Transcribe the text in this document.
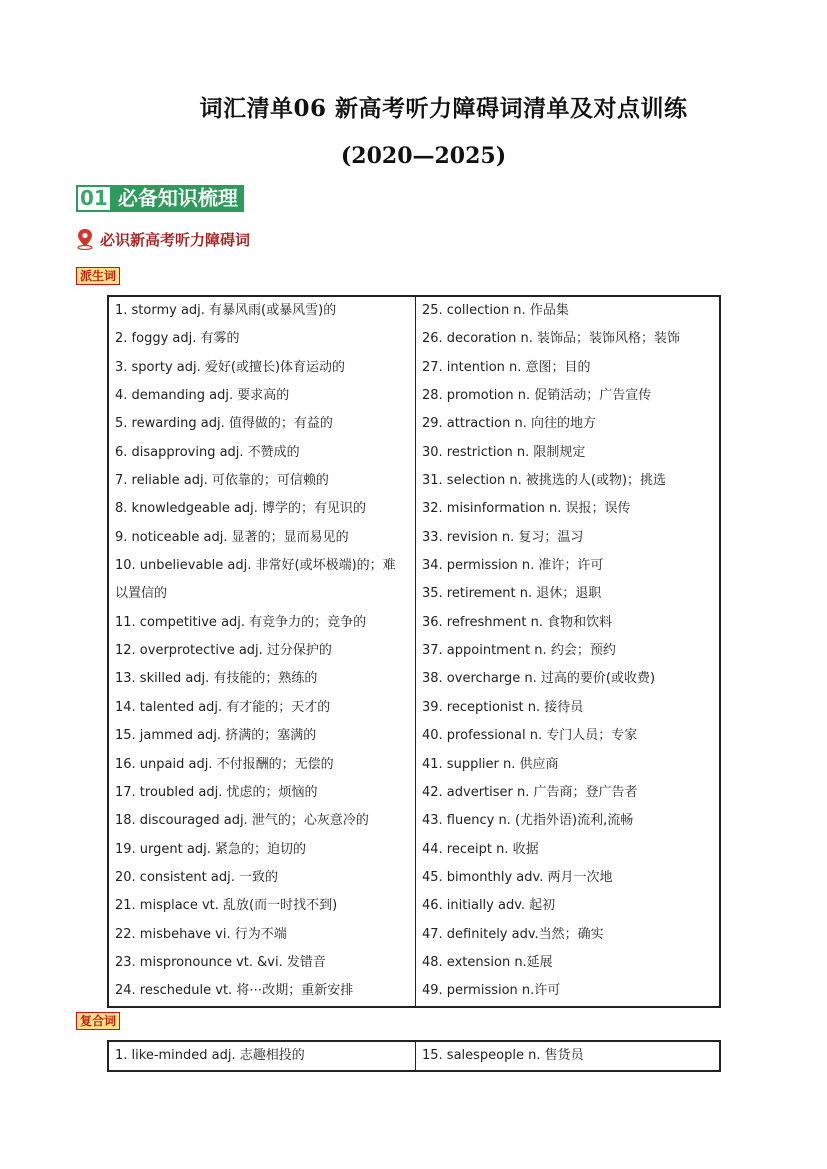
词汇清单06 新高考听力障碍词清单及对点训练
(2020—2025)
01 必备知识梳理
必识新高考听力障碍词
派生词
1. stormy adj. 有暴风雨(或暴风雪)的
2. foggy adj. 有雾的
3. sporty adj. 爱好(或擅长)体育运动的
4. demanding adj. 要求高的
5. rewarding adj. 值得做的；有益的
6. disapproving adj. 不赞成的
7. reliable adj. 可依靠的；可信赖的
8. knowledgeable adj. 博学的；有见识的
9. noticeable adj. 显著的；显而易见的
10. unbelievable adj. 非常好(或坏极端)的；难
以置信的
11. competitive adj. 有竞争力的；竞争的
12. overprotective adj. 过分保护的
13. skilled adj. 有技能的；熟练的
14. talented adj. 有才能的；天才的
15. jammed adj. 挤满的；塞满的
16. unpaid adj. 不付报酬的；无偿的
17. troubled adj. 忧虑的；烦恼的
18. discouraged adj. 泄气的；心灰意冷的
19. urgent adj. 紧急的；迫切的
20. consistent adj. 一致的
21. misplace vt. 乱放(而一时找不到)
22. misbehave vi. 行为不端
23. mispronounce vt. &vi. 发错音
24. reschedule vt. 将⋯改期；重新安排

25. collection n. 作品集
26. decoration n. 装饰品；装饰风格；装饰
27. intention n. 意图；目的
28. promotion n. 促销活动；广告宣传
29. attraction n. 向往的地方
30. restriction n. 限制规定
31. selection n. 被挑选的人(或物)；挑选
32. misinformation n. 误报；误传
33. revision n. 复习；温习
34. permission n. 准许；许可
35. retirement n. 退休；退职
36. refreshment n. 食物和饮料
37. appointment n. 约会；预约
38. overcharge n. 过高的要价(或收费)
39. receptionist n. 接待员
40. professional n. 专门人员；专家
41. supplier n. 供应商
42. advertiser n. 广告商；登广告者
43. fluency n. (尤指外语)流利,流畅
44. receipt n. 收据
45. bimonthly adv. 两月一次地
46. initially adv. 起初
47. definitely adv.当然；确实
48. extension n.延展
49. permission n.许可
复合词
1. like-minded adj. 志趣相投的	15. salespeople n. 售货员
